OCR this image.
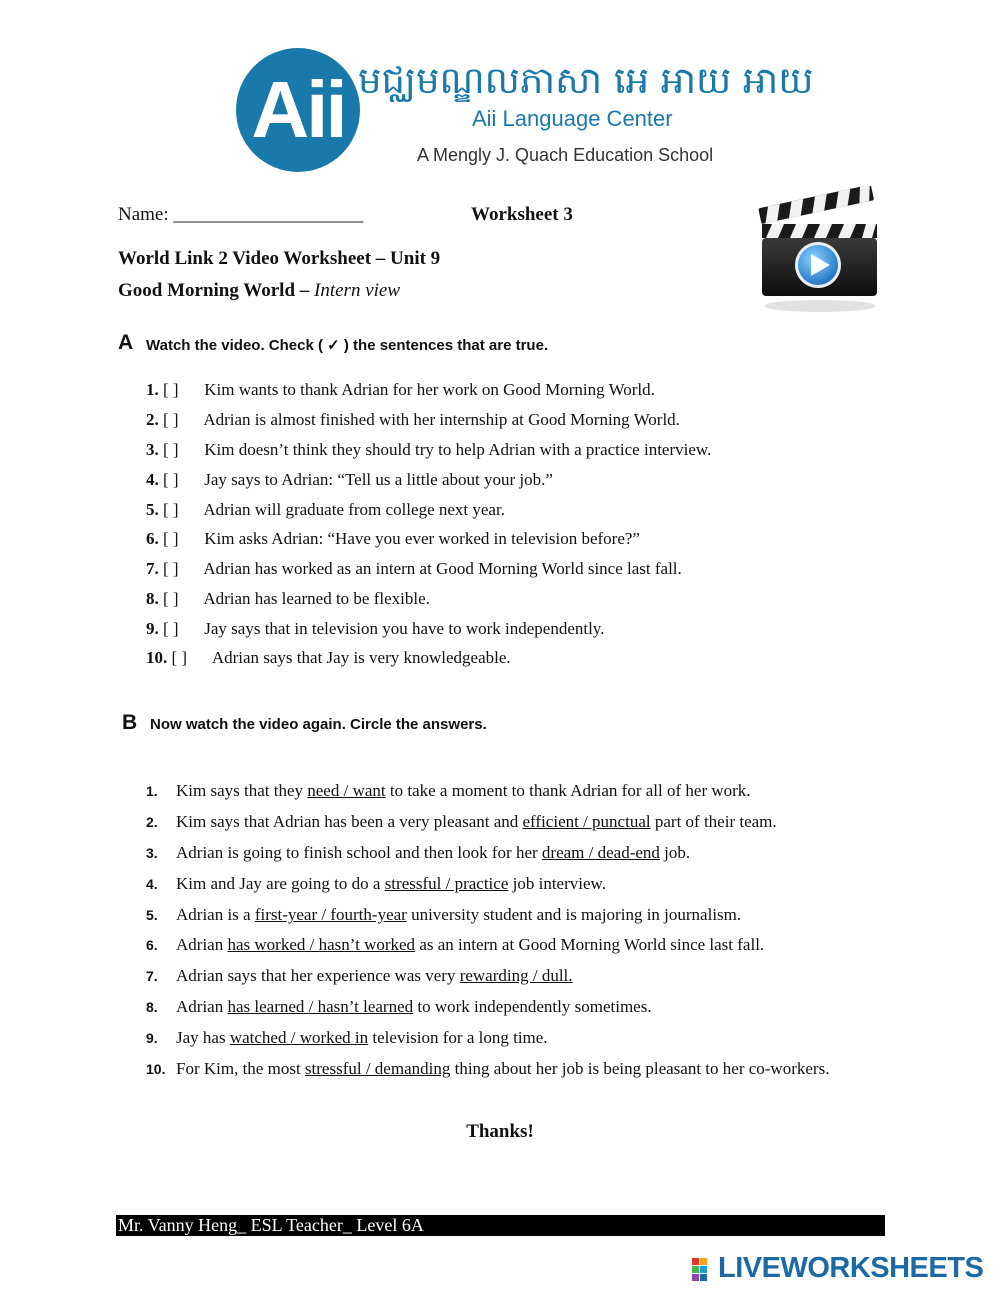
Aii មជ្ឈមណ្ឌលភាសា អេ អាយ អាយ
Aii Language Center
A Mengly J. Quach Education School
Name: ____________________	Worksheet 3
World Link 2 Video Worksheet – Unit 9
Good Morning World – Intern view
A Watch the video. Check ( ✓ ) the sentences that are true.
1. [ ] Kim wants to thank Adrian for her work on Good Morning World.
2. [ ] Adrian is almost finished with her internship at Good Morning World.
3. [ ] Kim doesn’t think they should try to help Adrian with a practice interview.
4. [ ] Jay says to Adrian: “Tell us a little about your job.”
5. [ ] Adrian will graduate from college next year.
6. [ ] Kim asks Adrian: “Have you ever worked in television before?”
7. [ ] Adrian has worked as an intern at Good Morning World since last fall.
8. [ ] Adrian has learned to be flexible.
9. [ ] Jay says that in television you have to work independently.
10. [ ] Adrian says that Jay is very knowledgeable.
B Now watch the video again. Circle the answers.
1. Kim says that they need / want to take a moment to thank Adrian for all of her work.
2. Kim says that Adrian has been a very pleasant and efficient / punctual part of their team.
3. Adrian is going to finish school and then look for her dream / dead-end job.
4. Kim and Jay are going to do a stressful / practice job interview.
5. Adrian is a first-year / fourth-year university student and is majoring in journalism.
6. Adrian has worked / hasn’t worked as an intern at Good Morning World since last fall.
7. Adrian says that her experience was very rewarding / dull.
8. Adrian has learned / hasn’t learned to work independently sometimes.
9. Jay has watched / worked in television for a long time.
10. For Kim, the most stressful / demanding thing about her job is being pleasant to her co-workers.
Thanks!
Mr. Vanny Heng_ ESL Teacher_ Level 6A
LIVEWORKSHEETS
